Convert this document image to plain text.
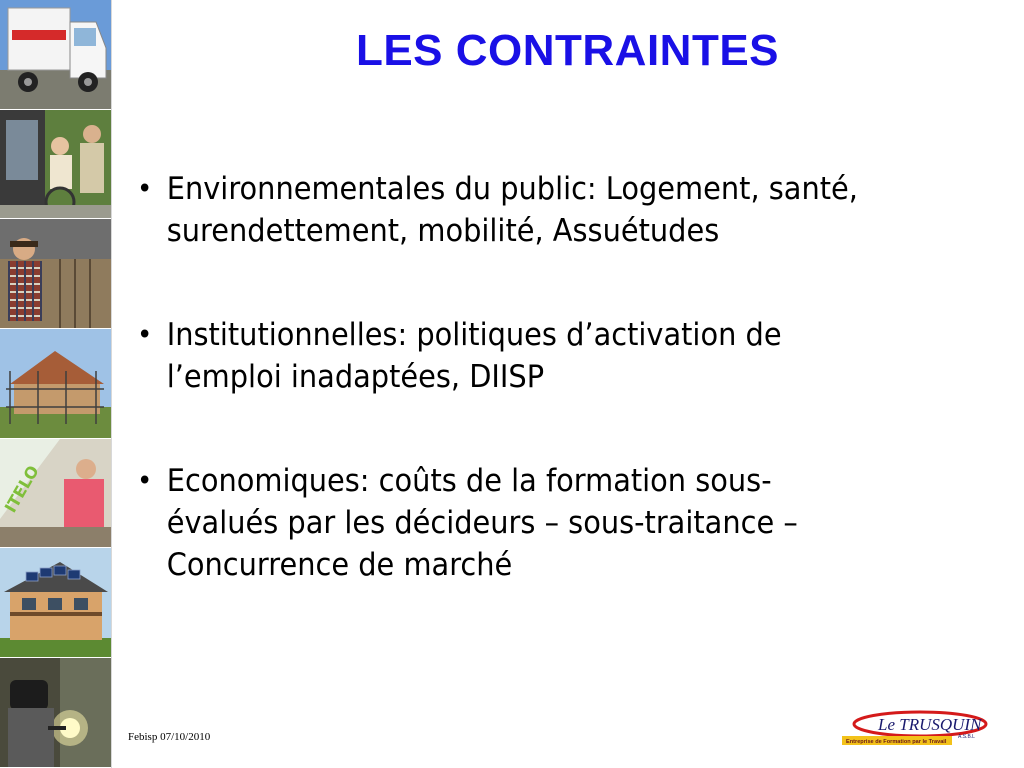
ITELO
LES CONTRAINTES
• Environnementales du public: Logement, santé, surendettement, mobilité, Assuétudes
• Institutionnelles: politiques d’activation de l’emploi inadaptées, DIISP
• Economiques: coûts de la formation sous-évalués par les décideurs – sous-traitance – Concurrence de marché
Febisp 07/10/2010
Le TRUSQUIN
A.S.B.L
Entreprise de Formation par le Travail
